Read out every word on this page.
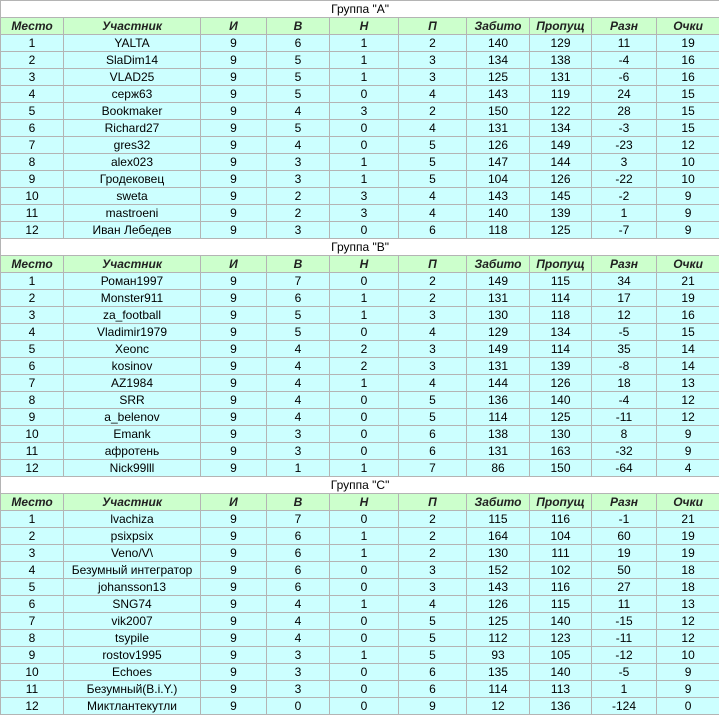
Группа "А"									
Место	Участник	И	В	Н	П	Забито	Пропущ	Разн	Очки
1	YALTA	9	6	1	2	140	129	11	19
2	SlaDim14	9	5	1	3	134	138	-4	16
3	VLAD25	9	5	1	3	125	131	-6	16
4	серж63	9	5	0	4	143	119	24	15
5	Bookmaker	9	4	3	2	150	122	28	15
6	Richard27	9	5	0	4	131	134	-3	15
7	gres32	9	4	0	5	126	149	-23	12
8	alex023	9	3	1	5	147	144	3	10
9	Гродековец	9	3	1	5	104	126	-22	10
10	sweta	9	2	3	4	143	145	-2	9
11	mastroeni	9	2	3	4	140	139	1	9
12	Иван Лебедев	9	3	0	6	118	125	-7	9
Группа "В"									
Место	Участник	И	В	Н	П	Забито	Пропущ	Разн	Очки
1	Роман1997	9	7	0	2	149	115	34	21
2	Monster911	9	6	1	2	131	114	17	19
3	za_football	9	5	1	3	130	118	12	16
4	Vladimir1979	9	5	0	4	129	134	-5	15
5	Xeonc	9	4	2	3	149	114	35	14
6	kosinov	9	4	2	3	131	139	-8	14
7	AZ1984	9	4	1	4	144	126	18	13
8	SRR	9	4	0	5	136	140	-4	12
9	a_belenov	9	4	0	5	114	125	-11	12
10	Emank	9	3	0	6	138	130	8	9
11	афротень	9	3	0	6	131	163	-32	9
12	Nick99lll	9	1	1	7	86	150	-64	4
Группа "С"									
Место	Участник	И	В	Н	П	Забито	Пропущ	Разн	Очки
1	lvachiza	9	7	0	2	115	116	-1	21
2	psixpsix	9	6	1	2	164	104	60	19
3	Veno/V\	9	6	1	2	130	111	19	19
4	Безумный интегратор	9	6	0	3	152	102	50	18
5	johansson13	9	6	0	3	143	116	27	18
6	SNG74	9	4	1	4	126	115	11	13
7	vik2007	9	4	0	5	125	140	-15	12
8	tsypile	9	4	0	5	112	123	-11	12
9	rostov1995	9	3	1	5	93	105	-12	10
10	Echoes	9	3	0	6	135	140	-5	9
11	Безумный(B.i.Y.)	9	3	0	6	114	113	1	9
12	Миктлантекутли	9	0	0	9	12	136	-124	0
